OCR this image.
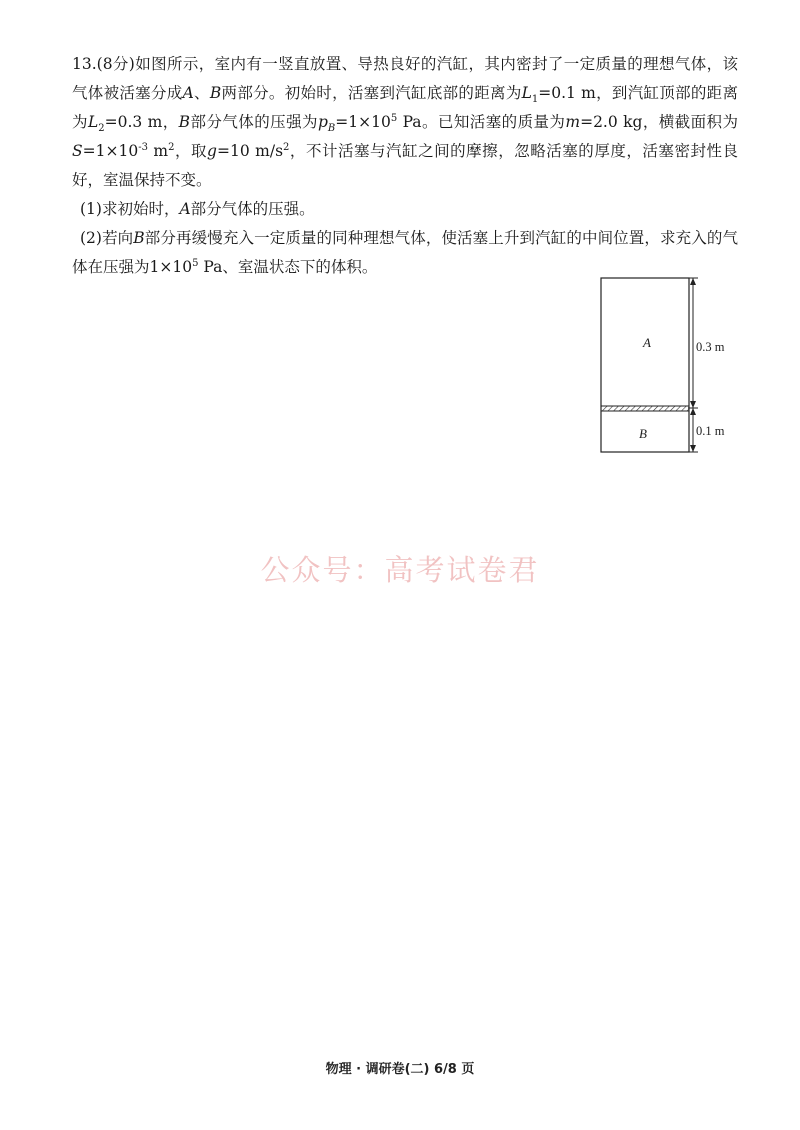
13.(8分)如图所示，室内有一竖直放置、导热良好的汽缸，其内密封了一定质量的理想气体，该气体被活塞分成A、B两部分。初始时，活塞到汽缸底部的距离为$L_1=0.1$ m，到汽缸顶部的距离为$L_2=0.3$ m，B部分气体的压强为$p_B=1\times 10^5$ Pa。已知活塞的质量为m=2.0 kg，横截面积为$S=1\times 10^{-3}$ $m^2$，取g=10 $m/s^2$，不计活塞与汽缸之间的摩擦，忽略活塞的厚度，活塞密封性良好，室温保持不变。

(1)求初始时，A部分气体的压强。

(2)若向B部分再缓慢充入一定质量的同种理想气体，使活塞上升到汽缸的中间位置，求充入的气体在压强为$1\times 10^5$ Pa、室温状态下的体积。

A
B
0.3 m
0.1 m
公众号：高考试卷君
物理 · 调研卷(二) 6/8 页
